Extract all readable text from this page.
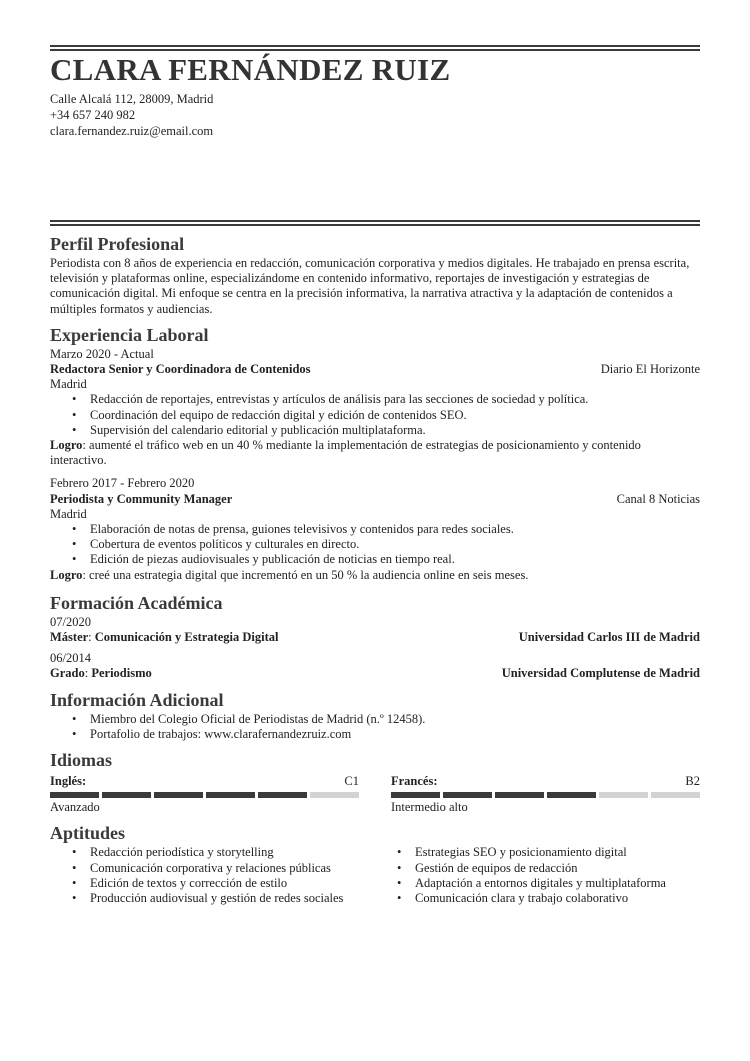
CLARA FERNÁNDEZ RUIZ
Calle Alcalá 112, 28009, Madrid
+34 657 240 982
clara.fernandez.ruiz@email.com
Perfil Profesional

Periodista con 8 años de experiencia en redacción, comunicación corporativa y medios digitales. He trabajado en prensa escrita, televisión y plataformas online, especializándome en contenido informativo, reportajes de investigación y estrategias de comunicación digital. Mi enfoque se centra en la precisión informativa, la narrativa atractiva y la adaptación de contenidos a múltiples formatos y audiencias.

Experiencia Laboral
Marzo 2020 - Actual
Redactora Senior y Coordinadora de Contenidos	Diario El Horizonte
Madrid
• Redacción de reportajes, entrevistas y artículos de análisis para las secciones de sociedad y política.
• Coordinación del equipo de redacción digital y edición de contenidos SEO.
• Supervisión del calendario editorial y publicación multiplataforma.

Logro: aumenté el tráfico web en un 40 % mediante la implementación de estrategias de posicionamiento y contenido interactivo.

Febrero 2017 - Febrero 2020
Periodista y Community Manager	Canal 8 Noticias
Madrid
• Elaboración de notas de prensa, guiones televisivos y contenidos para redes sociales.
• Cobertura de eventos políticos y culturales en directo.
• Edición de piezas audiovisuales y publicación de noticias en tiempo real.

Logro: creé una estrategia digital que incrementó en un 50 % la audiencia online en seis meses.

Formación Académica
07/2020
Máster: Comunicación y Estrategia Digital	Universidad Carlos III de Madrid
06/2014
Grado: Periodismo	Universidad Complutense de Madrid
Información Adicional
• Miembro del Colegio Oficial de Periodistas de Madrid (n.º 12458).
• Portafolio de trabajos: www.clarafernandezruiz.com
Idiomas
Inglés:	C1
Avanzado
Francés:	B2
Intermedio alto
Aptitudes
• Redacción periodística y storytelling
• Comunicación corporativa y relaciones públicas
• Edición de textos y corrección de estilo
• Producción audiovisual y gestión de redes sociales
• Estrategias SEO y posicionamiento digital
• Gestión de equipos de redacción
• Adaptación a entornos digitales y multiplataforma
• Comunicación clara y trabajo colaborativo
